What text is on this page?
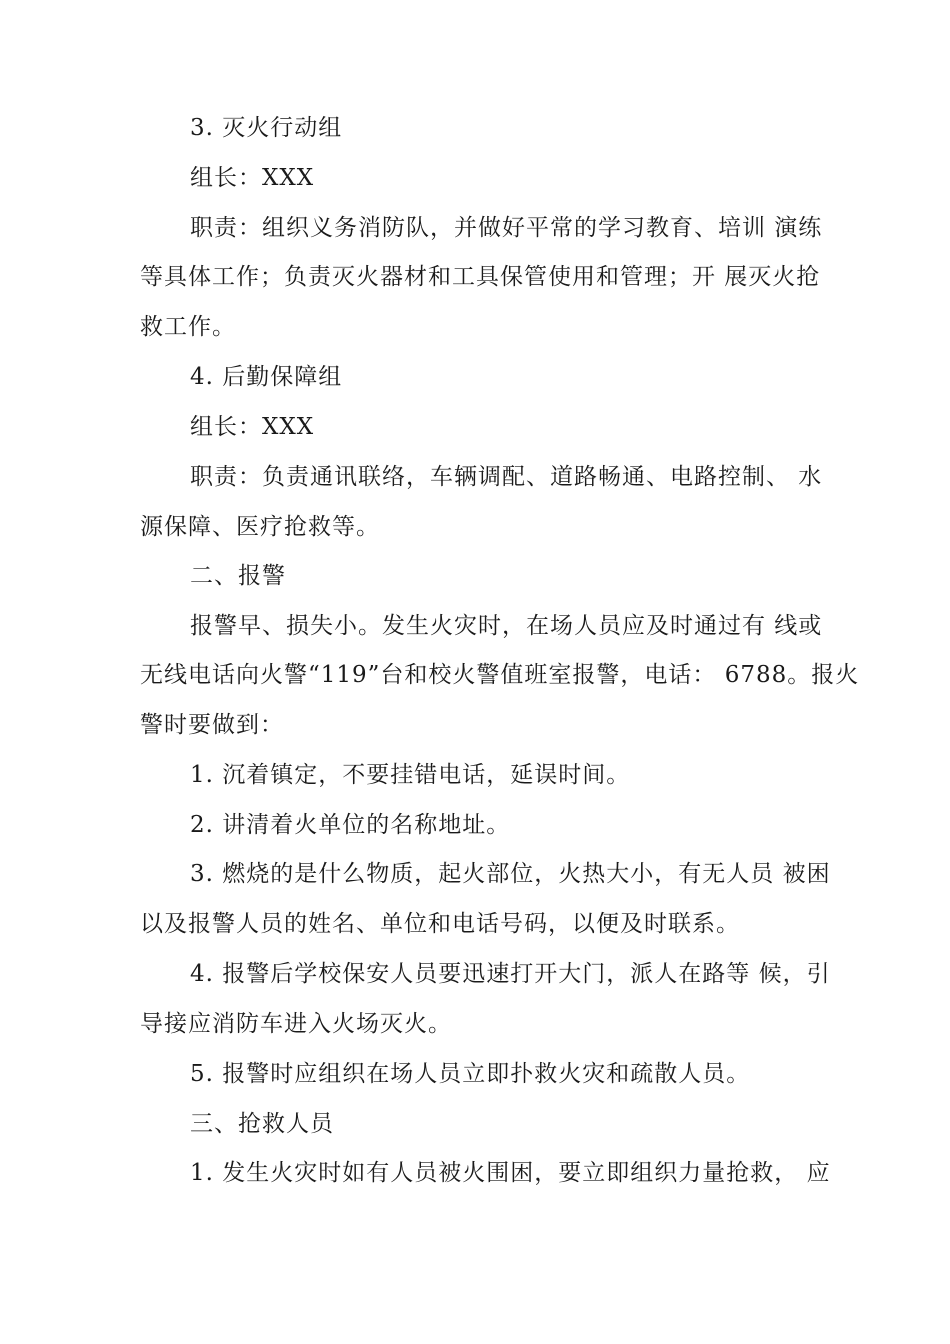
3. 灭火行动组
组长：XXX
职责：组织义务消防队，并做好平常的学习教育、培训 演练
等具体工作；负责灭火器材和工具保管使用和管理；开 展灭火抢
救工作。
4. 后勤保障组
组长：XXX
职责：负责通讯联络，车辆调配、道路畅通、电路控制、 水
源保障、医疗抢救等。
二、报警
报警早、损失小。发生火灾时，在场人员应及时通过有 线或
无线电话向火警“119”台和校火警值班室报警，电话： 6788。报火
警时要做到：
1. 沉着镇定，不要挂错电话，延误时间。
2. 讲清着火单位的名称地址。
3. 燃烧的是什么物质，起火部位，火热大小，有无人员 被困
以及报警人员的姓名、单位和电话号码，以便及时联系。
4. 报警后学校保安人员要迅速打开大门，派人在路等 候，引
导接应消防车进入火场灭火。
5. 报警时应组织在场人员立即扑救火灾和疏散人员。
三、抢救人员
1. 发生火灾时如有人员被火围困，要立即组织力量抢救， 应
